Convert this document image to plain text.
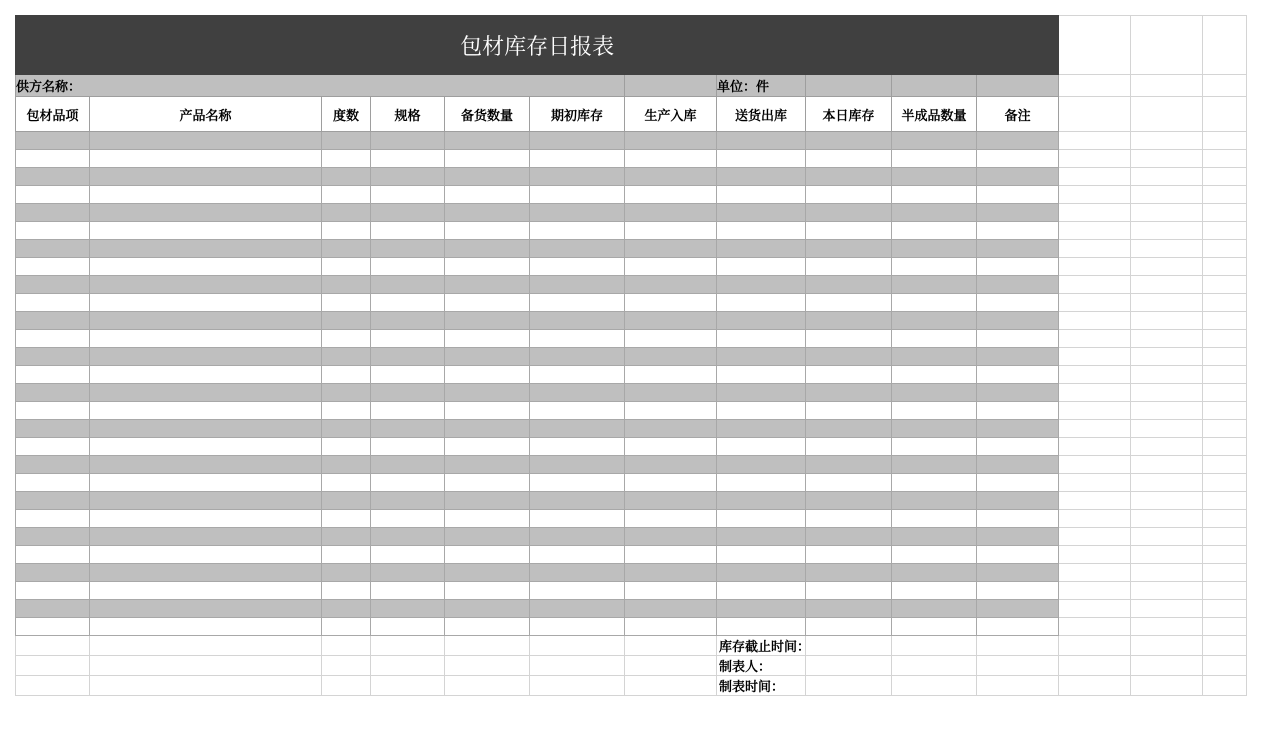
包材库存日报表													
供方名称：							单位：件						
包材品项	产品名称	度数	规格	备货数量	期初库存	生产入库	送货出库	本日库存	半成品数量	备注			

							库存截止时间：						
							制表人：						
							制表时间：						
